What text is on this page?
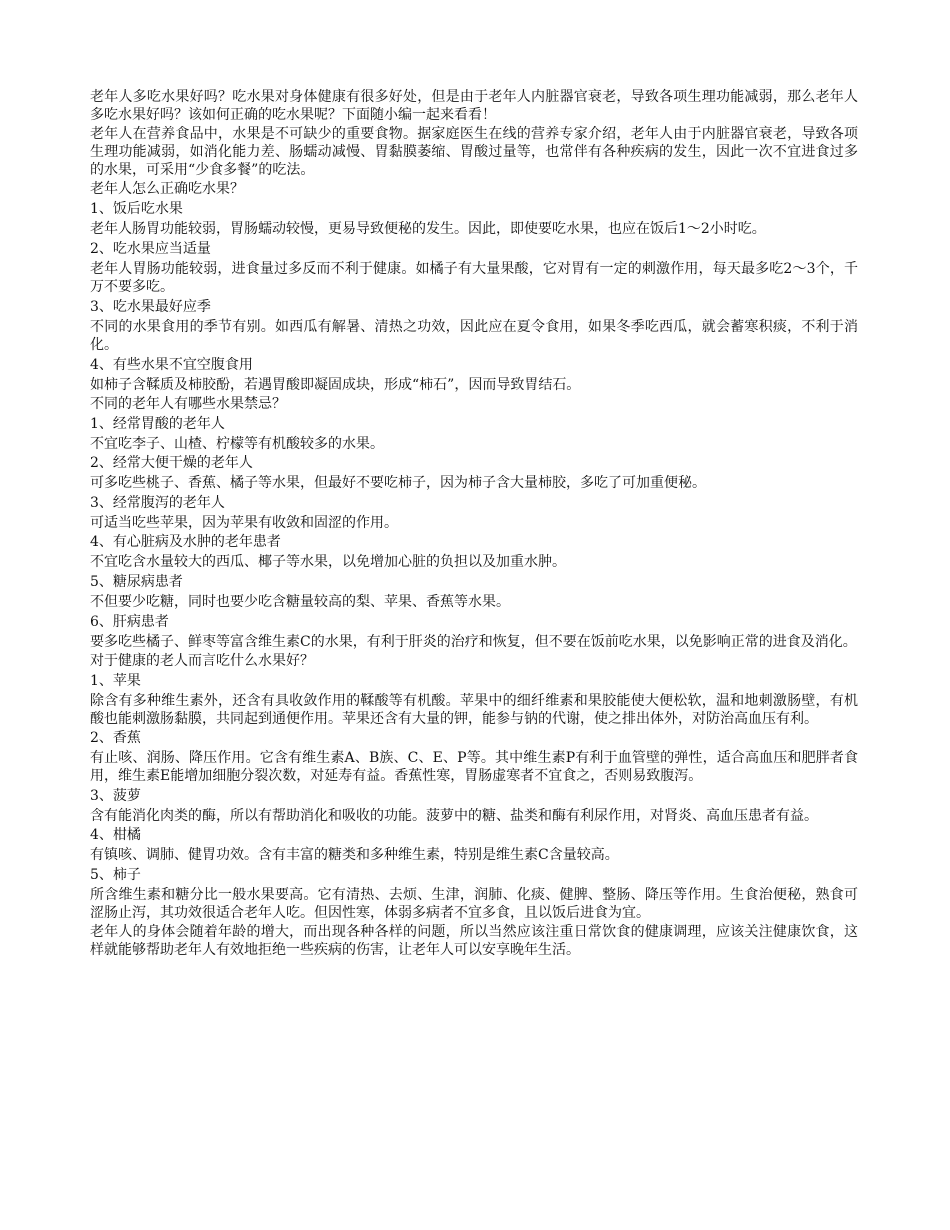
老年人多吃水果好吗？吃水果对身体健康有很多好处，但是由于老年人内脏器官衰老，导致各项生理功能减弱，那么老年人多吃水果好吗？该如何正确的吃水果呢？下面随小编一起来看看！

老年人在营养食品中，水果是不可缺少的重要食物。据家庭医生在线的营养专家介绍，老年人由于内脏器官衰老，导致各项生理功能减弱，如消化能力差、肠蠕动减慢、胃黏膜萎缩、胃酸过量等，也常伴有各种疾病的发生，因此一次不宜进食过多的水果，可采用“少食多餐”的吃法。

老年人怎么正确吃水果？

1、饭后吃水果

老年人肠胃功能较弱，胃肠蠕动较慢，更易导致便秘的发生。因此，即使要吃水果，也应在饭后1～2小时吃。

2、吃水果应当适量

老年人胃肠功能较弱，进食量过多反而不利于健康。如橘子有大量果酸，它对胃有一定的刺激作用，每天最多吃2～3个，千万不要多吃。

3、吃水果最好应季

不同的水果食用的季节有别。如西瓜有解暑、清热之功效，因此应在夏令食用，如果冬季吃西瓜，就会蓄寒积痰，不利于消化。

4、有些水果不宜空腹食用

如柿子含鞣质及柿胶酚，若遇胃酸即凝固成块，形成“柿石”，因而导致胃结石。

不同的老年人有哪些水果禁忌？

1、经常胃酸的老年人

不宜吃李子、山楂、柠檬等有机酸较多的水果。

2、经常大便干燥的老年人

可多吃些桃子、香蕉、橘子等水果，但最好不要吃柿子，因为柿子含大量柿胶，多吃了可加重便秘。

3、经常腹泻的老年人

可适当吃些苹果，因为苹果有收敛和固涩的作用。

4、有心脏病及水肿的老年患者

不宜吃含水量较大的西瓜、椰子等水果，以免增加心脏的负担以及加重水肿。

5、糖尿病患者

不但要少吃糖，同时也要少吃含糖量较高的梨、苹果、香蕉等水果。

6、肝病患者

要多吃些橘子、鲜枣等富含维生素C的水果，有利于肝炎的治疗和恢复，但不要在饭前吃水果，以免影响正常的进食及消化。

对于健康的老人而言吃什么水果好？

1、苹果

除含有多种维生素外，还含有具收敛作用的鞣酸等有机酸。苹果中的细纤维素和果胶能使大便松软，温和地刺激肠壁，有机酸也能刺激肠黏膜，共同起到通便作用。苹果还含有大量的钾，能参与钠的代谢，使之排出体外，对防治高血压有利。

2、香蕉

有止咳、润肠、降压作用。它含有维生素A、B族、C、E、P等。其中维生素P有利于血管壁的弹性，适合高血压和肥胖者食用，维生素E能增加细胞分裂次数，对延寿有益。香蕉性寒，胃肠虚寒者不宜食之，否则易致腹泻。

3、菠萝

含有能消化肉类的酶，所以有帮助消化和吸收的功能。菠萝中的糖、盐类和酶有利尿作用，对肾炎、高血压患者有益。

4、柑橘

有镇咳、调肺、健胃功效。含有丰富的糖类和多种维生素，特别是维生素C含量较高。

5、柿子

所含维生素和糖分比一般水果要高。它有清热、去烦、生津，润肺、化痰、健脾、整肠、降压等作用。生食治便秘，熟食可涩肠止泻，其功效很适合老年人吃。但因性寒，体弱多病者不宜多食，且以饭后进食为宜。

老年人的身体会随着年龄的增大，而出现各种各样的问题，所以当然应该注重日常饮食的健康调理，应该关注健康饮食，这样就能够帮助老年人有效地拒绝一些疾病的伤害，让老年人可以安享晚年生活。
